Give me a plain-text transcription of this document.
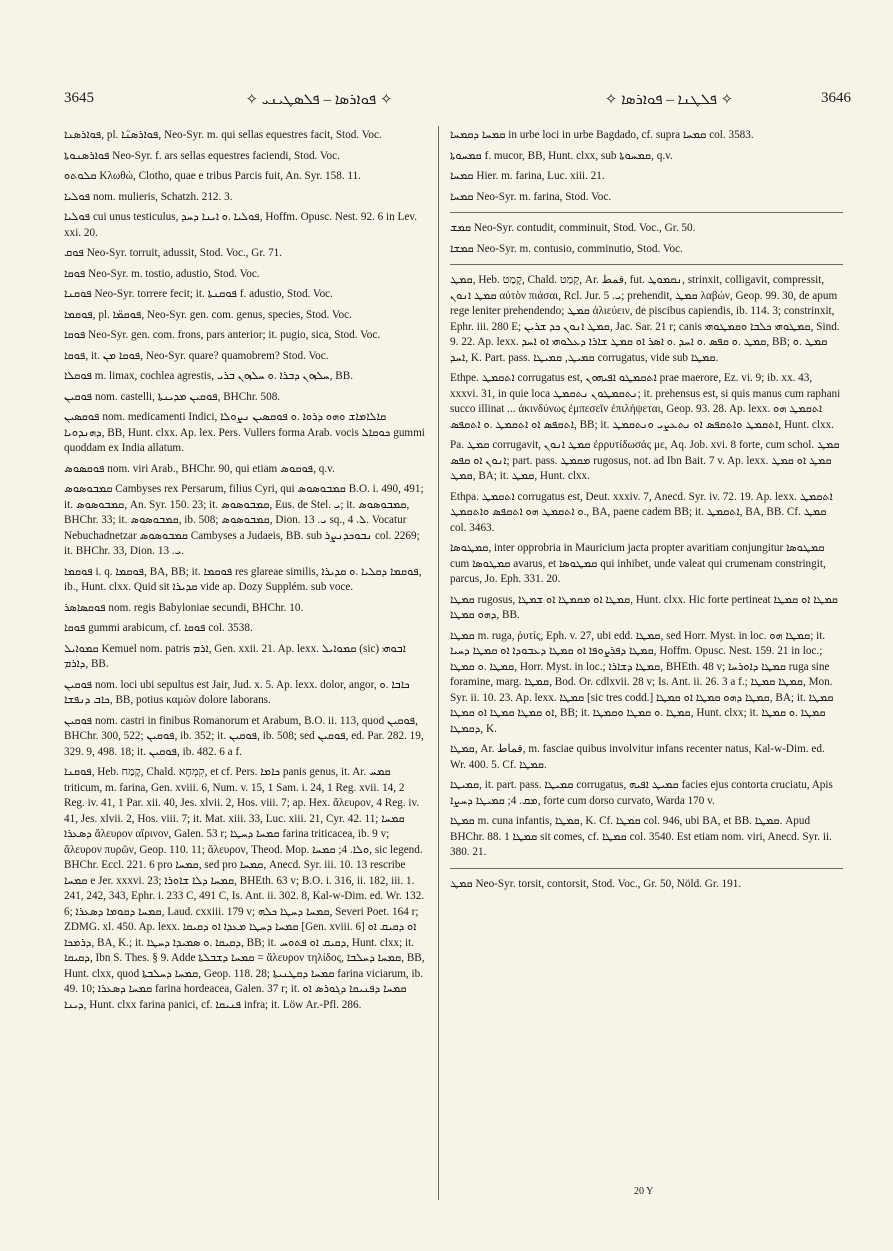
3645	✧ ܦܘܐܪܣܐ – ܦܠܣܛܝܢܝ ✧	✧ ܦܠܛܢܐ – ܦܘܐܪܣܐ ✧	3646

ܦܘܐܪܣܢܐ, pl. ܦܘܐܪܣܢ̈ܐ, Neo-Syr. m. qui sellas equestres facit, Stod. Voc.

ܦܘܐܪܣܢܘܬܐ Neo-Syr. f. ars sellas equestres faciendi, Stod. Voc.

ܩܠܘܬܘ Κλωθώ, Clotho, quae e tribus Parcis fuit, An. Syr. 158. 11.

ܦܘܠܝܐ nom. mulieris, Schatzh. 212. 3.

ܦܘܠܝܐ cui unus testiculus, ܦܘܠܝܐ .ܘ ܐܝܢܐ ܕܚܕ, Hoffm. Opusc. Nest. 92. 6 in Lev. xxi. 20.

ܦܘܩ Neo-Syr. torruit, adussit, Stod. Voc., Gr. 71.

ܦܘܩܐ Neo-Syr. m. tostio, adustio, Stod. Voc.

ܦܘܩܢܐ Neo-Syr. torrere fecit; it. ܦܘܩܢܬܐ f. adustio, Stod. Voc.

ܦܘܩܡܐ, pl. ܦܘܩܡ̈ܐ, Neo-Syr. gen. com. genus, species, Stod. Voc.

ܦܘܩܐ Neo-Syr. gen. com. frons, pars anterior; it. pugio, sica, Stod. Voc.

ܦܘܩܐ, it. ܦܘܩܐ ܡܢ, Neo-Syr. quare? quamobrem? Stod. Voc.

ܦܘܩܠܐ m. limax, cochlea agrestis, ܚܠܙܘܢ ܕܒܪܐ .ܘ ܚܠܙܘܢ ܒܪܝ, BB.

ܦܘܩܝܢ nom. castelli, ܦܘܩܝܢ ܡܕܝܢܬܐ, BHChr. 508.

ܦܘܩܣܝܢ nom. medicamenti Indici, ܩܐܠܐܡܐܫ ܘܗܘ ܕܪܘܐ .ܘ ܦܘܩܣܝܢ ܢܨܘܠܐ ܕܗܢܕܘܝܐ, BB, Hunt. clxx. Ap. lex. Pers. Vullers forma Arab. vocis ܟܘܩܐܠ gummi quoddam ex India allatum.

ܦܘܩܣܘܣ nom. viri Arab., BHChr. 90, qui etiam ܦܘܩܘܣ, q.v.

ܩܡܒܘܣܘܣ Cambyses rex Persarum, filius Cyri, qui ܩܡܒܘܣܘܣ B.O. i. 490, 491; it. ܩܡܒܘܣܘܣ, An. Syr. 150. 23; it. ܩܡܒܘܣܘܣ, Eus. de Stel. ܝ; it. ܩܡܒܘܣܘܣ, BHChr. 33; it. ܩܡܒܘܣܘܣ, ib. 508; ܩܡܒܘܣܘܣ, Dion. ܝ. 13 sq., ܠ. 4. Vocatur Nebuchadnetzar ܩܡܒܘܣܘܣ Cambyses a Judaeis, BB. sub ܢܒܘܟܕܢܨܪ col. 2269; it. BHChr. 33, Dion. ܝ. 13.

ܦܘܩܡܐ i. q. ܦܘܩܡܐ, BA, BB; it. ܦܘܩܡܐ res glareae similis, ܦܘܩܡܐ ܕܩܠܝܐ .ܘ ܩܕܝܪܐ, ib., Hunt. clxx. Quid sit ܩܕܝܪܐ vide ap. Dozy Supplém. sub voce.

ܦܘܩܣܐܣܪ nom. regis Babyloniae secundi, BHChr. 10.

ܦܘܩܐ gummi arabicum, cf. ܦܘܩܐ col. 3538.

ܩܡܘܐܝܠ Kemuel nom. patris ܐܪܡ, Gen. xxii. 21. Ap. lexx. ܩܡܘܐܝܠ (sic) ܐܒܘܗܝ ܕܐܪܡ, BB.

ܦܘܩܝܢ nom. loci ubi sepultus est Jair, Jud. x. 5. Ap. lexx. dolor, angor, ܟܐܒܐ .ܘ ܟܐܒ ܕܢܦܫܐ, BB, potius καμὼν dolore laborans.

ܦܘܩܝܢ nom. castri in finibus Romanorum et Arabum, B.O. ii. 113, quod ܦܘܩܝܢ, BHChr. 300, 522; ܦܘܩܝܢ, ib. 352; it. ܦܘܩܝܢ, ib. 508; sed ܦܘܩܝܢ, ed. Par. 282. 19, 329. 9, 498. 18; it. ܦܘܩܝܢ, ib. 482. 6 a f.

ܦܘܩܢܐ, Heb. קֶמַח, Chald. קִמְחָא, et cf. Pers. ܟܐܡܐ panis genus, it. Ar. ܩܡܚ triticum, m. farina, Gen. xviii. 6, Num. v. 15, 1 Sam. i. 24, 1 Reg. xvii. 14, 2 Reg. iv. 41, 1 Par. xii. 40, Jes. xlvii. 2, Hos. viii. 7; ap. Hex. ἄλευρον, 4 Reg. iv. 41, Jes. xlvii. 2, Hos. viii. 7; it. Mat. xiii. 33, Luc. xiii. 21, Cyr. 42. 11; ܩܡܚܐ ܕܣܥܪܐ ἄλευρον αἴρινον, Galen. 53 r; ܩܡܚܐ ܕܚܛܐ farina triticacea, ib. 9 v; ἄλευρον πυρῶν, Geop. 110. 11; ἄλευρον, Theod. Mop. ܘܠܐ. 4; ܩܡܚܐ, sic legend. BHChr. Eccl. 221. 6 pro ܩܡܚܐ, sed pro ܩܡܚܐ, Anecd. Syr. iii. 10. 13 rescribe ܩܡܚܐ e Jer. xxxvi. 23; ܩܡܚܐ ܕܠܐ ܫܐܘܪܐ, BHEth. 63 v; B.O. i. 316, ii. 182, iii. 1. 241, 242, 343, Ephr. i. 233 C, 491 C, Is. Ant. ii. 302. 8, Kal-w-Dim. ed. Wr. 132. 6; ܩܡܚܐ ܕܩܘܡܐ ܕܣܥܪܐ, Laud. cxxiii. 179 v; ܩܡܚܐ ܕܚܛܐ ܟܠܗ, Severi Poet. 164 r; ZDMG. xl. 450. Ap. lexx. ܩܡܚܐ ܕܚܛܐ ܡܥܕܐ ܐܘ ܕܩܝܩܐ [Gen. xviii. 6] ܐܘ ܕܩܝܩ ܐܘ ܕܪܡܟܐ, BA, K.; it. ܕܩܝܩܐ .ܘ ܣܡܝܕܐ ܕܚܛܐ, BB; it. ܕܩܝܩ ܐܘ ܦܬܘܚ, Hunt. clxx; it. ܕܩܝܩܐ, Ibn S. Thes. § 9. Adde ܩܡܚܐ ܕܫܒܠܬܐ = ἄλευρον τηλίδος, ܩܡܚܐ ܕܚܠܒܐ, BB, Hunt. clxx, quod ܩܡܚܐ ܕܚܠܒܬܐ, Geop. 118. 28; ܩܡܚܐ ܕܩܛܢܝܬܐ farina viciarum, ib. 49. 10; ܩܡܚܐ ܕܣܥܪܐ farina hordeacea, Galen. 37 r; it. ܩܡܚܐ ܕܦܢܝܩܐ ܕܓܘܪܣ ܐܘ ܕܝܢܐ, Hunt. clxx farina panici, cf. ܦܢܝܩܐ infra; it. Löw Ar.-Pfl. 286.

ܩܡܚܐ ܕܩܡܚܐ in urbe loci in urbe Bagdado, cf. supra ܩܡܚܐ col. 3583.

ܩܡܚܘܬܐ f. mucor, BB, Hunt. clxx, sub ܩܡܚܘܬܐ, q.v.

ܩܡܚܐ Hier. m. farina, Luc. xiii. 21.

ܩܡܚܐ Neo-Syr. m. farina, Stod. Voc.

ܩܡܫ Neo-Syr. contudit, comminuit, Stod. Voc., Gr. 50.

ܩܡܫܐ Neo-Syr. m. contusio, comminutio, Stod. Voc.

ܩܡܛ, Heb. קָמַט, Chald. קְמַט, Ar. قمط, fut. ܢܩܡܘܛ, strinxit, colligavit, compressit, ܩܡܛ ܐܢܘܢ αὐτὸν πιάσαι, Rcl. Jur. ܝ. 5; prehendit, ܩܡܛ λαβών, Geop. 99. 30, de apum rege leniter prehendendo; ܩܡܛ ἀλιεύειν, de piscibus capiendis, ib. 114. 3; constrinxit, Ephr. iii. 280 E; ܩܡܛ ܐܢܘܢ ܟܕ ܫܪܝܢ, Jac. Sar. 21 r; canis ܩܡܛܘܗܝ ܟܠܒܐ ܘܩܡܛܘܗܝ, Sind. 9. 22. Ap. lexx. ܩܡܛ .ܘ ܩܦܣ .ܘ ܐܚܕ .ܘ ܐܣܪ ܐܘ ܩܡܛ ܫܐܪܐ ܕܥܠܘܗܝ ܐܘ ܐܚܕ, BB; ܩܡܛ .ܘ ܐܚܕ, K. Part. pass. ܩܡܝܛ, ܩܡܝܛܐ corrugatus, vide sub ܩܡܛܐ.

Ethpe. ܐܬܩܡܛ corrugatus est, ܐܬܩܡܛܘ ܐܦܝܗܘܢ prae maerore, Ez. vi. 9; ib. xx. 43, xxxvi. 31, in quie loca ܢܬܩܡܛܘܢ ܢܬܩܡܛ; it. prehensus est, si quis manus cum raphani succo illinat ... ἀκινδύνως ἐμπεσεῖν ἐπιλήψεται, Geop. 93. 28. Ap. lexx. ܐܬܩܡܛ ܗܘ ܐܬܩܦܣ ܐܘ ܐܬܩܡܛ .ܘ ܐܬܩܦܣ, BB; it. ܐܬܩܡܛ ܘܐܬܩܦܣ ܐܘ ܢܬܥܨܝ ܘܢܬܩܡܛ, Hunt. clxx.

Pa. ܩܡܛ corrugavit, ܩܡܛ ܐܢܘܢ ἐρρυτίδωσάς με, Aq. Job. xvi. 8 forte, cum schol. ܩܡܛ ܐܢܘܢ ܐܘ ܩܦܣ; part. pass. ܡܩܡܛ rugosus, not. ad Ibn Bait. 7 v. Ap. lexx. ܩܡܛ ܐܘ ܩܡܛ ܩܡܛ, BA; it. ܩܡܛ, Hunt. clxx.

Ethpa. ܐܬܩܡܛ corrugatus est, Deut. xxxiv. 7, Anecd. Syr. iv. 72. 19. Ap. lexx. ܐܬܩܡܛ .ܘ ܐܬܩܡܛ ܗܘ ܐܬܩܦܣ ܘܐܬܩܡܛ, BA, paene cadem BB; it. ܐܬܩܡܛ, BA, BB. Cf. ܩܡܛ col. 3463.

ܩܡܛܘܣܐ, inter opprobria in Mauricium jacta propter avaritiam conjungitur ܩܡܛܘܣܐ cum ܩܡܛܘܣܐ avarus, et ܩܡܛܘܣܐ qui inhibet, unde valeat qui crumenam constringit, parcus, Jo. Eph. 331. 20.

ܩܡܛܐ rugosus, ܩܡܛܐ ܐܘ ܡܩܡܛܐ ܐܘ ܫܡܛܐ, Hunt. clxx. Hic forte pertineat ܩܡܛܐ ܐܘ ܩܡܛܐ ܕܗܘ ܩܡܛܐ, BB.

ܩܡܛܐ m. ruga, ῥυτίς, Eph. v. 27, ubi edd. ܩܡܛܐ, sed Horr. Myst. in loc. ܩܡܛܐ ܗܘ; it. ܩܡܛܐ ܕܦܪܨܘܦܐ ܐܘ ܩܡܛܐ ܕܥܒܘܕܐ ܐܘ ܩܡܛܐ ܕܚܝܐ, Hoffm. Opusc. Nest. 159. 21 in loc.; ܩܡܛܐ .ܘ ܩܡܛܐ, Horr. Myst. in loc.; ܩܡܛܐ ܕܫܐܪܐ, BHEth. 48 v; ܩܡܛܐ ܕܐܘܪܚܐ ruga sine foramine, marg. ܩܡܛܐ, Bod. Or. cdlxvii. 28 v; Is. Ant. ii. 26. 3 a f.; ܩܡܛܐ ܩܡܛܐ, Mon. Syr. ii. 10. 23. Ap. lexx. ܩܡܛܐ [sic tres codd.] ܩܡܛܐ ܕܗܘ ܩܡܛܐ ܐܘ ܩܡܛܐ, BA; it. ܩܡܛܐ ܐܘ ܩܡܛܐ ܩܡܛܐ ܐܘ ܩܡܛܐ, BB; it. ܩܡܛܐ .ܘ ܩܡܛܐ ܘܩܡܛܐ, Hunt. clxx; it. ܩܡܛܐ .ܘ ܩܡܛܐ ܕܩܡܛܐ, K.

ܩܡܛܐ, Ar. قماط, m. fasciae quibus involvitur infans recenter natus, Kal-w-Dim. ed. Wr. 400. 5. Cf. ܩܡܛܐ.

ܩܡܝܛܐ, it. part. pass. ܩܡܝܛܐ corrugatus, ܩܡܝܛ ܐܦܝܗ facies ejus contorta cruciatu, Apis ܡܩ. 4; ܩܡܝܛܐ ܕܚܨܐ, forte cum dorso curvato, Warda 170 v.

ܩܡܛܐ m. cuna infantis, ܩܡܛܐ, K. Cf. ܩܡܛܐ col. 946, ubi BA, et BB. ܩܡܛܐ. Apud BHChr. 88. 1 ܩܡܛܐ sit comes, cf. ܩܡܛܐ col. 3540. Est etiam nom. viri, Anecd. Syr. ii. 380. 21.

ܩܡܛ Neo-Syr. torsit, contorsit, Stod. Voc., Gr. 50, Nöld. Gr. 191.

20 Y
